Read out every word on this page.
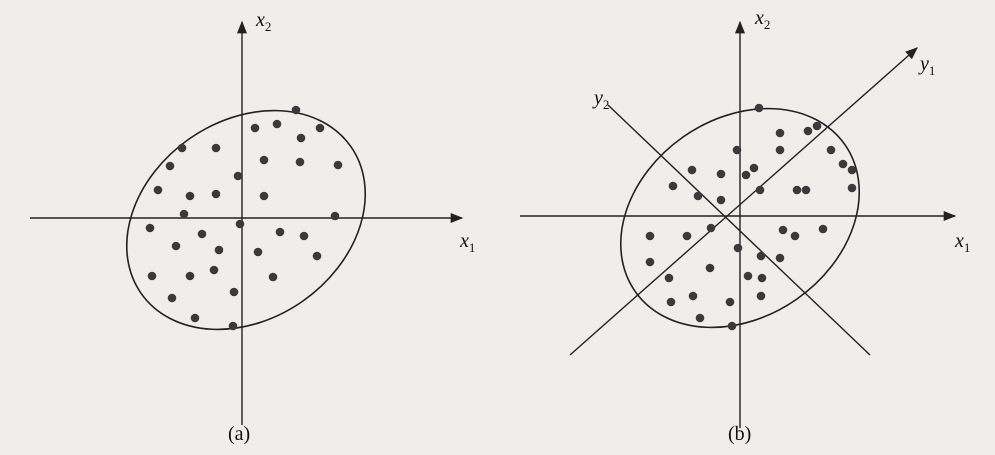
$x_2$
$x_1$
(a)
$x_2$
$x_1$
$y_1$
$y_2$
(b)
